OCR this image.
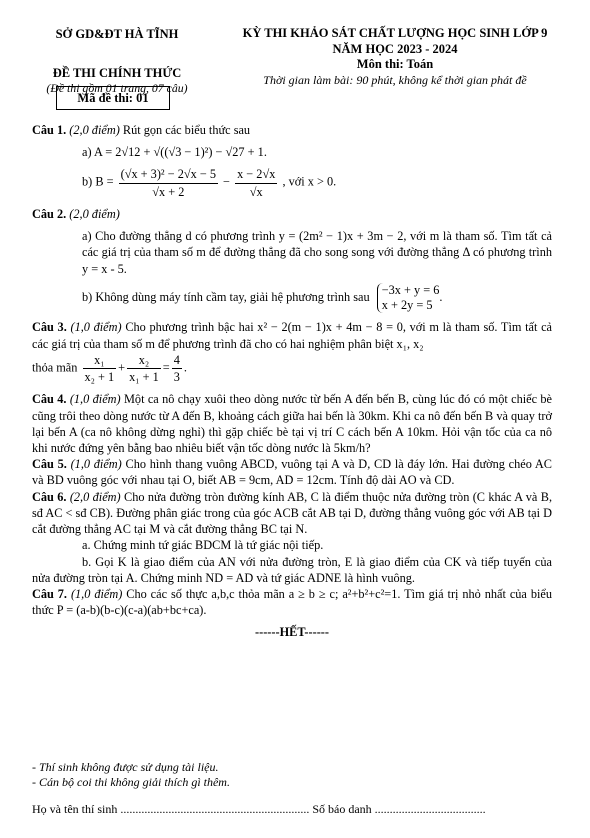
SỞ GD&ĐT HÀ TĨNH
ĐỀ THI CHÍNH THỨC
(Đề thi gồm 01 trang, 07 câu)
Mã đề thi: 01
KỲ THI KHẢO SÁT CHẤT LƯỢNG HỌC SINH LỚP 9
NĂM HỌC 2023 - 2024
Môn thi: Toán
Thời gian làm bài: 90 phút, không kể thời gian phát đề

Câu 1. (2,0 điểm) Rút gọn các biểu thức sau

a) A = 2√12 + √((√3 − 1)²) − √27 + 1.

b) $B = \frac{\text{(√x + 3)² − 2√x − 5}}{√x + 2} - \frac{x - 2√x}{√x}$ , với x > 0.

Câu 2. (2,0 điểm)

a) Cho đường thẳng d có phương trình y = (2m² − 1)x + 3m − 2, với m là tham số. Tìm tất cả các giá trị của tham số m để đường thẳng đã cho song song với đường thẳng Δ có phương trình y = x - 5.

b) Không dùng máy tính cầm tay, giải hệ phương trình sau
−3x + y = 6
x + 2y = 5
.

Câu 3. (1,0 điểm) Cho phương trình bậc hai x² − 2(m − 1)x + 4m − 8 = 0, với m là tham số. Tìm tất cả các giá trị của tham số m để phương trình đã cho có hai nghiệm phân biệt x₁, x₂

thỏa mãn $\frac{\text{x₁}}{\text{x₂ + 1}} + \frac{\text{x₂}}{\text{x₁ + 1}} = \frac{4}{3}$ .

Câu 4. (1,0 điểm) Một ca nô chạy xuôi theo dòng nước từ bến A đến bến B, cùng lúc đó có một chiếc bè cũng trôi theo dòng nước từ A đến B, khoảng cách giữa hai bến là 30km. Khi ca nô đến bến B và quay trở lại bến A (ca nô không dừng nghỉ) thì gặp chiếc bè tại vị trí C cách bến A 10km. Hỏi vận tốc của ca nô khi nước đứng yên bằng bao nhiêu biết vận tốc dòng nước là 5km/h?

Câu 5. (1,0 điểm) Cho hình thang vuông ABCD, vuông tại A và D, CD là đáy lớn. Hai đường chéo AC và BD vuông góc với nhau tại O, biết AB = 9cm, AD = 12cm. Tính độ dài AO và CD.

Câu 6. (2,0 điểm) Cho nửa đường tròn đường kính AB, C là điểm thuộc nửa đường tròn (C khác A và B, sđ AC < sđ CB). Đường phân giác trong của góc ACB cắt AB tại D, đường thẳng vuông góc với AB tại D cắt đường thẳng AC tại M và cắt đường thẳng BC tại N.

a. Chứng minh tứ giác BDCM là tứ giác nội tiếp.

b. Gọi K là giao điểm của AN với nửa đường tròn, E là giao điểm của CK và tiếp tuyến của nửa đường tròn tại A. Chứng minh ND = AD và tứ giác ADNE là hình vuông.

Câu 7. (1,0 điểm) Cho các số thực a,b,c thỏa mãn a ≥ b ≥ c; a²+b²+c²=1. Tìm giá trị nhỏ nhất của biểu thức P = (a-b)(b-c)(c-a)(ab+bc+ca).

------HẾT------

- Thí sinh không được sử dụng tài liệu.
- Cán bộ coi thi không giải thích gì thêm.
Họ và tên thí sinh ............................................................... Số báo danh .....................................
